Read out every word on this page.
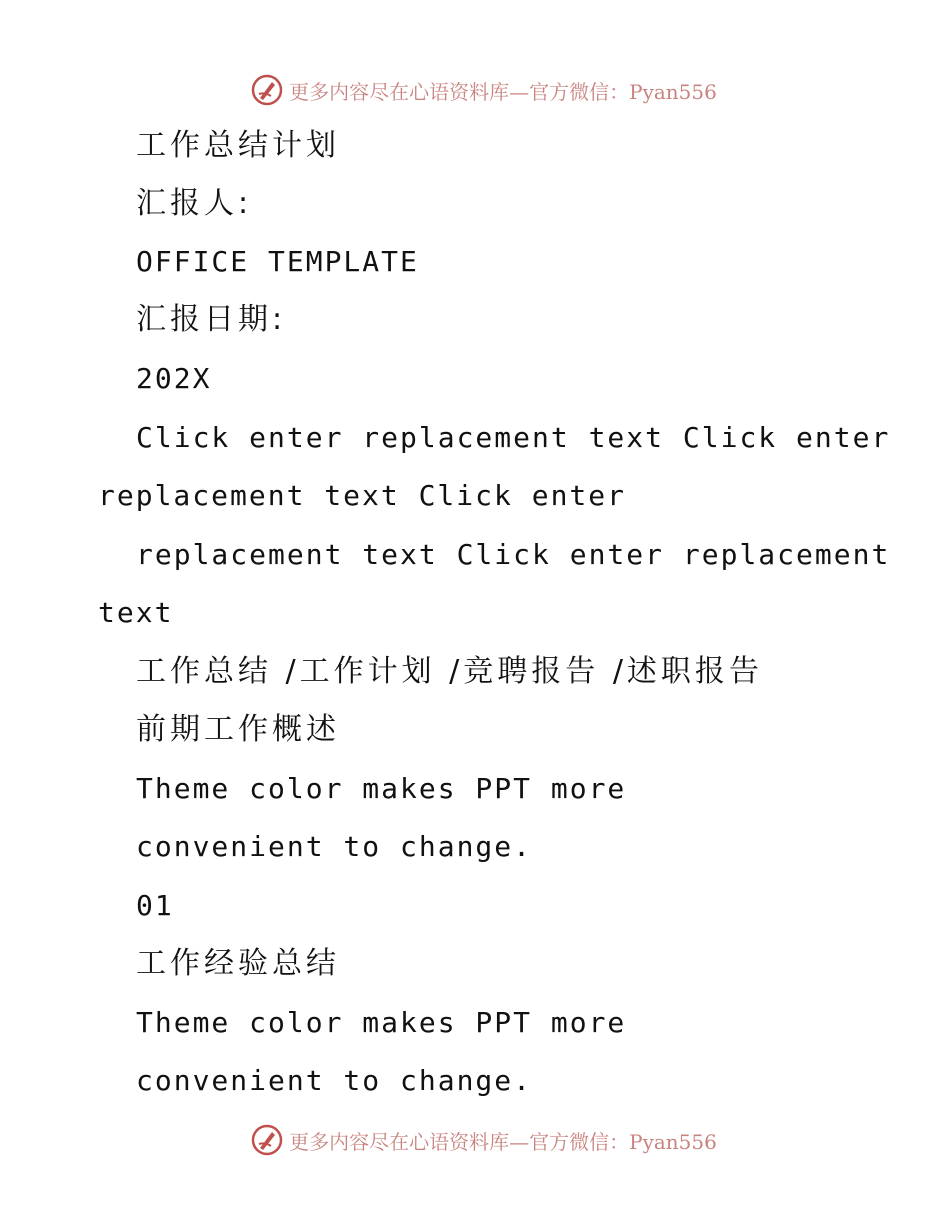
更多内容尽在心语资料库—官方微信：Pyan556
工作总结计划
汇报人:
OFFICE TEMPLATE
汇报日期:
202X
Click enter replacement text Click enter
replacement text Click enter
replacement text Click enter replacement
text
工作总结 /工作计划 /竞聘报告 /述职报告
前期工作概述
Theme color makes PPT more
convenient to change.
01
工作经验总结
Theme color makes PPT more
convenient to change.
更多内容尽在心语资料库—官方微信：Pyan556
